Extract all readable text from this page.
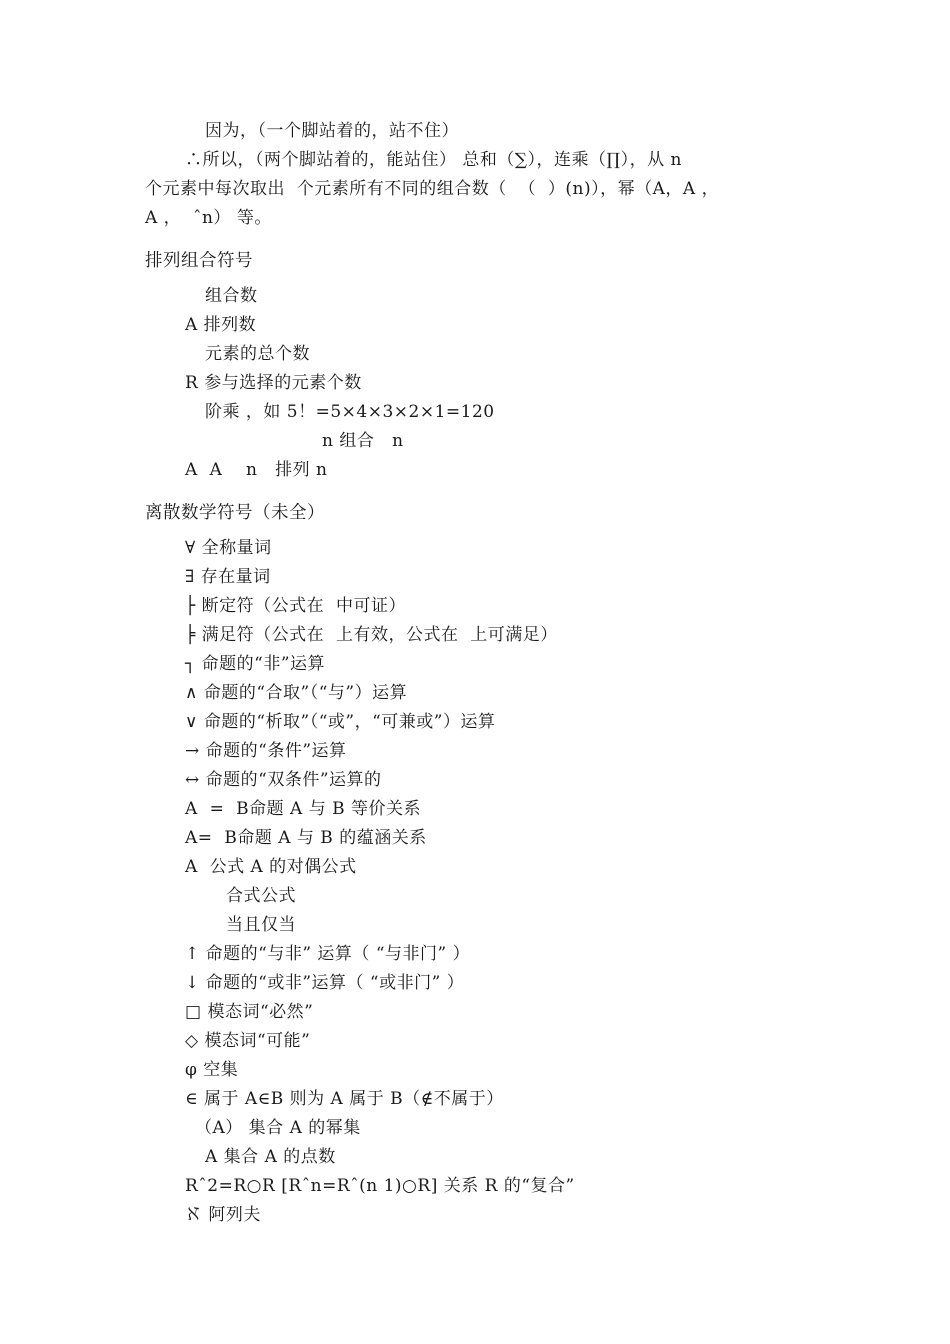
因为，（一个脚站着的，站不住）
∴所以，（两个脚站着的，能站住） 总和（∑），连乘（∏），从 n
个元素中每次取出  个元素所有不同的组合数（  （  ）(n)），幂（A，A ，
A ，  ˆn） 等。
排列组合符号
组合数
A 排列数
元素的总个数
R 参与选择的元素个数
阶乘 ，如 5！=5×4×3×2×1=120
n 组合   n
A  A    n   排列 n
离散数学符号（未全）
∀ 全称量词
∃ 存在量词
├ 断定符（公式在  中可证）
╞ 满足符（公式在  上有效，公式在  上可满足）
┐ 命题的“非”运算
∧ 命题的“合取”（“与”）运算
∨ 命题的“析取”（“或”，“可兼或”）运算
→ 命题的“条件”运算
↔ 命题的“双条件”运算的
A  =  B命题 A 与 B 等价关系
A=  B命题 A 与 B 的蕴涵关系
A  公式 A 的对偶公式
合式公式
当且仅当
↑ 命题的“与非” 运算（ “与非门” ）
↓ 命题的“或非”运算（ “或非门” ）
□ 模态词“必然”
◇ 模态词“可能”
φ 空集
∈ 属于 A∈B 则为 A 属于 B（∉不属于）
（A） 集合 A 的幂集
A 集合 A 的点数
Rˆ2=R○R [Rˆn=Rˆ(n 1)○R] 关系 R 的“复合”
ℵ 阿列夫
